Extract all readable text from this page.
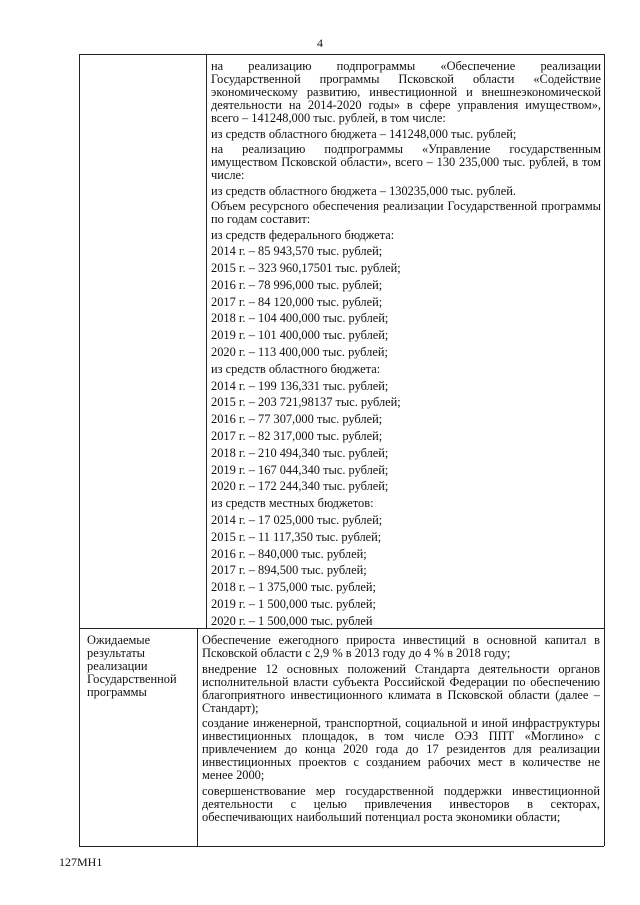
4
на реализацию подпрограммы «Обеспечение реализации Государственной программы Псковской области «Содействие экономическому развитию, инвестиционной и внешнеэкономической деятельности на 2014-2020 годы» в сфере управления имуществом», всего – 141248,000 тыс. рублей, в том числе:
из средств областного бюджета – 141248,000 тыс. рублей;
на реализацию подпрограммы «Управление государственным имуществом Псковской области», всего – 130 235,000 тыс. рублей, в том числе:
из средств областного бюджета – 130235,000 тыс. рублей.
Объем ресурсного обеспечения реализации Государственной программы по годам составит:
из средств федерального бюджета:
2014 г. – 85 943,570 тыс. рублей;
2015 г. – 323 960,17501 тыс. рублей;
2016 г. – 78 996,000 тыс. рублей;
2017 г. – 84 120,000 тыс. рублей;
2018 г. – 104 400,000 тыс. рублей;
2019 г. – 101 400,000 тыс. рублей;
2020 г. – 113 400,000 тыс. рублей;
из средств областного бюджета:
2014 г. – 199 136,331 тыс. рублей;
2015 г. – 203 721,98137 тыс. рублей;
2016 г. – 77 307,000 тыс. рублей;
2017 г. – 82 317,000 тыс. рублей;
2018 г. – 210 494,340 тыс. рублей;
2019 г. – 167 044,340 тыс. рублей;
2020 г. – 172 244,340 тыс. рублей;
из средств местных бюджетов:
2014 г. – 17 025,000 тыс. рублей;
2015 г. – 11 117,350 тыс. рублей;
2016 г. – 840,000 тыс. рублей;
2017 г. – 894,500 тыс. рублей;
2018 г. – 1 375,000 тыс. рублей;
2019 г. – 1 500,000 тыс. рублей;
2020 г. – 1 500,000 тыс. рублей
Ожидаемые результаты реализации Государственной программы
Обеспечение ежегодного прироста инвестиций в основной капитал в Псковской области с 2,9 % в 2013 году до 4 % в 2018 году;
внедрение 12 основных положений Стандарта деятельности органов исполнительной власти субъекта Российской Федерации по обеспечению благоприятного инвестиционного климата в Псковской области (далее – Стандарт);
создание инженерной, транспортной, социальной и иной инфраструктуры инвестиционных площадок, в том числе ОЭЗ ППТ «Моглино» с привлечением до конца 2020 года до 17 резидентов для реализации инвестиционных проектов с созданием рабочих мест в количестве не менее 2000;
совершенствование мер государственной поддержки инвестиционной деятельности с целью привлечения инвесторов в секторах, обеспечивающих наибольший потенциал роста экономики области;
127МН1
